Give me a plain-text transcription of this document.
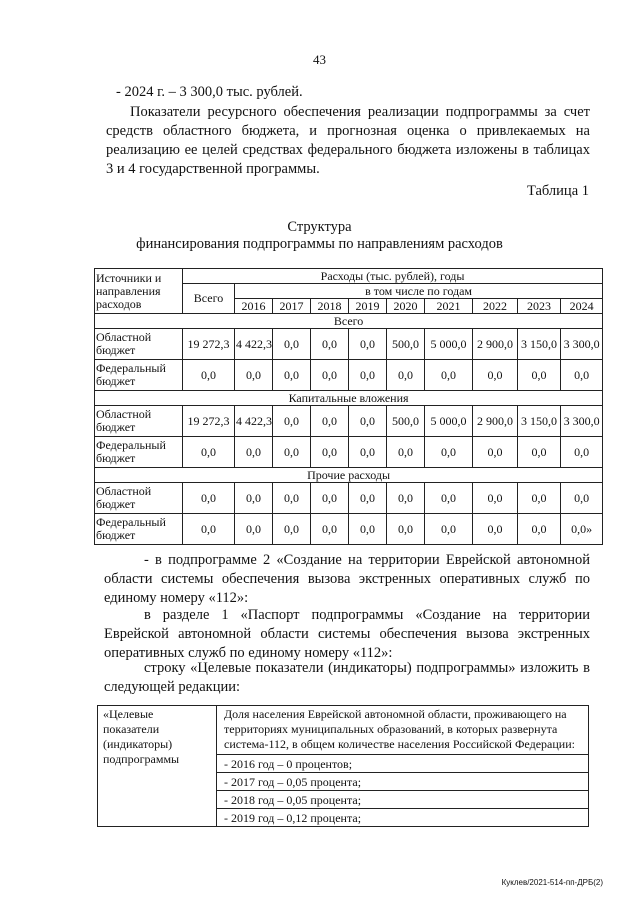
43
- 2024 г. – 3 300,0 тыс. рублей.

Показатели ресурсного обеспечения реализации подпрограммы за счет средств областного бюджета, и прогнозная оценка о привлекаемых на реализацию ее целей средствах федерального бюджета изложены в таблицах 3 и 4 государственной программы.

Таблица 1
Структура
финансирования подпрограммы по направлениям расходов
Источники и направления расходов	Расходы (тыс. рублей), годы									
	Всего	в том числе по годам								
		2016	2017	2018	2019	2020	2021	2022	2023	2024
Всего										
Областной бюджет	19 272,3	4 422,3	0,0	0,0	0,0	500,0	5 000,0	2 900,0	3 150,0	3 300,0
Федеральный бюджет	0,0	0,0	0,0	0,0	0,0	0,0	0,0	0,0	0,0	0,0
Капитальные вложения										
Областной бюджет	19 272,3	4 422,3	0,0	0,0	0,0	500,0	5 000,0	2 900,0	3 150,0	3 300,0
Федеральный бюджет	0,0	0,0	0,0	0,0	0,0	0,0	0,0	0,0	0,0	0,0
Прочие расходы										
Областной бюджет	0,0	0,0	0,0	0,0	0,0	0,0	0,0	0,0	0,0	0,0
Федеральный бюджет	0,0	0,0	0,0	0,0	0,0	0,0	0,0	0,0	0,0	0,0»

- в подпрограмме 2 «Создание на территории Еврейской автономной области системы обеспечения вызова экстренных оперативных служб по единому номеру «112»:

в разделе 1 «Паспорт подпрограммы «Создание на территории Еврейской автономной области системы обеспечения вызова экстренных оперативных служб по единому номеру «112»:

строку «Целевые показатели (индикаторы) подпрограммы» изложить в следующей редакции:

«Целевые показатели (индикаторы) подпрограммы	
Доля населения Еврейской автономной области, проживающего на территориях муниципальных образований, в которых развернута система-112, в общем количестве населения Российской Федерации:
- 2016 год – 0 процентов;
- 2017 год – 0,05 процента;
- 2018 год – 0,05 процента;
- 2019 год – 0,12 процента;
Куклев/2021-514-пп-ДРБ(2)
